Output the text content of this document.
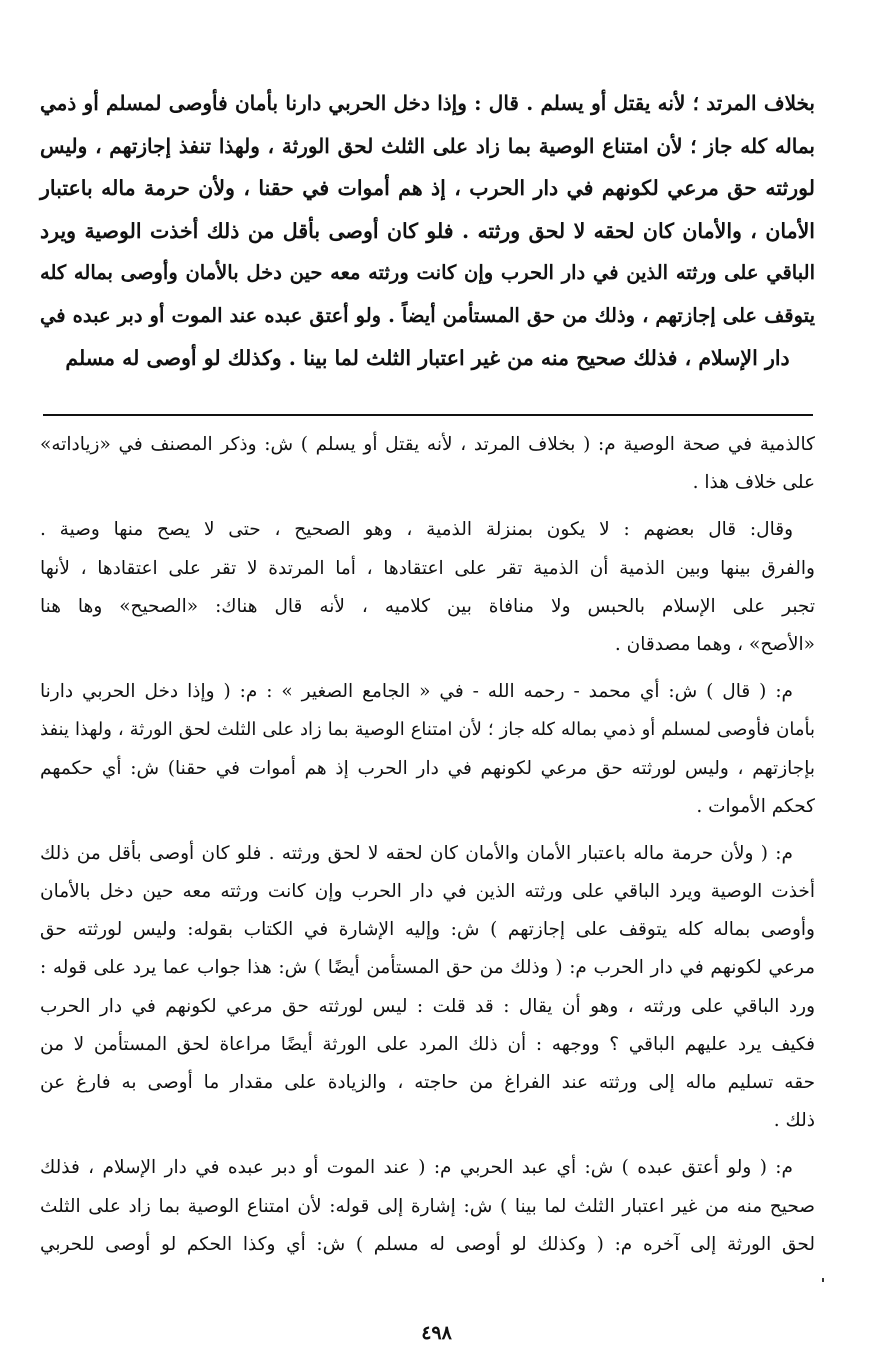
بخلاف المرتد ؛ لأنه يقتل أو يسلم . قال : وإذا دخل الحربي دارنا بأمان فأوصى لمسلم أو ذمي
بماله كله جاز ؛ لأن امتناع الوصية بما زاد على الثلث لحق الورثة ، ولهذا تنفذ إجازتهم ، وليس
لورثته حق مرعي لكونهم في دار الحرب ، إذ هم أموات في حقنا ، ولأن حرمة ماله باعتبار
الأمان ، والأمان كان لحقه لا لحق ورثته . فلو كان أوصى بأقل من ذلك أخذت الوصية ويرد
الباقي على ورثته الذين في دار الحرب وإن كانت ورثته معه حين دخل بالأمان وأوصى بماله كله
يتوقف على إجازتهم ، وذلك من حق المستأمن أيضاً . ولو أعتق عبده عند الموت أو دبر عبده في
دار الإسلام ، فذلك صحيح منه من غير اعتبار الثلث لما بينا . وكذلك لو أوصى له مسلم
كالذمية في صحة الوصية م: ( بخلاف المرتد ، لأنه يقتل أو يسلم ) ش: وذكر المصنف في «زياداته»
على خلاف هذا .
وقال: قال بعضهم : لا يكون بمنزلة الذمية ، وهو الصحيح ، حتى لا يصح منها وصية .
والفرق بينها وبين الذمية أن الذمية تقر على اعتقادها ، أما المرتدة لا تقر على اعتقادها ، لأنها
تجبر على الإسلام بالحبس ولا منافاة بين كلاميه ، لأنه قال هناك: «الصحيح» وها هنا
«الأصح» ، وهما مصدقان .
م: ( قال ) ش: أي محمد - رحمه الله - في « الجامع الصغير » : م: ( وإذا دخل الحربي دارنا
بأمان فأوصى لمسلم أو ذمي بماله كله جاز ؛ لأن امتناع الوصية بما زاد على الثلث لحق الورثة ، ولهذا ينفذ
بإجازتهم ، وليس لورثته حق مرعي لكونهم في دار الحرب إذ هم أموات في حقنا) ش: أي حكمهم
كحكم الأموات .
م: ( ولأن حرمة ماله باعتبار الأمان والأمان كان لحقه لا لحق ورثته . فلو كان أوصى بأقل من ذلك
أخذت الوصية ويرد الباقي على ورثته الذين في دار الحرب وإن كانت ورثته معه حين دخل بالأمان
وأوصى بماله كله يتوقف على إجازتهم ) ش: وإليه الإشارة في الكتاب بقوله: وليس لورثته حق
مرعي لكونهم في دار الحرب م: ( وذلك من حق المستأمن أيضًا ) ش: هذا جواب عما يرد على قوله :
ورد الباقي على ورثته ، وهو أن يقال : قد قلت : ليس لورثته حق مرعي لكونهم في دار الحرب
فكيف يرد عليهم الباقي ؟ ووجهه : أن ذلك المرد على الورثة أيضًا مراعاة لحق المستأمن لا من
حقه تسليم ماله إلى ورثته عند الفراغ من حاجته ، والزيادة على مقدار ما أوصى به فارغ عن
ذلك .
م: ( ولو أعتق عبده ) ش: أي عبد الحربي م: ( عند الموت أو دبر عبده في دار الإسلام ، فذلك
صحيح منه من غير اعتبار الثلث لما بينا ) ش: إشارة إلى قوله: لأن امتناع الوصية بما زاد على الثلث
لحق الورثة إلى آخره م: ( وكذلك لو أوصى له مسلم ) ش: أي وكذا الحكم لو أوصى للحربي
٤٩٨
